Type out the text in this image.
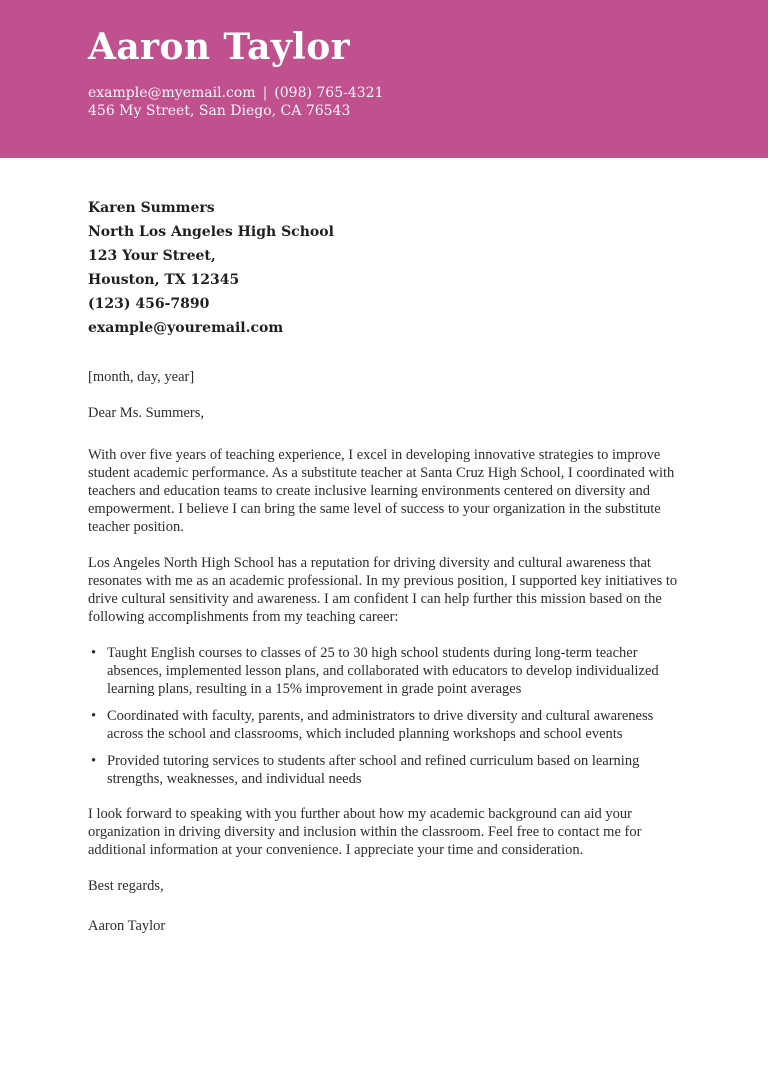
Aaron Taylor

example@myemail.com | (098) 765-4321

456 My Street, San Diego, CA 76543

Karen Summers

North Los Angeles High School

123 Your Street,

Houston, TX 12345

(123) 456-7890

example@youremail.com

[month, day, year]

Dear Ms. Summers,

With over five years of teaching experience, I excel in developing innovative strategies to improve student academic performance. As a substitute teacher at Santa Cruz High School, I coordinated with teachers and education teams to create inclusive learning environments centered on diversity and empowerment. I believe I can bring the same level of success to your organization in the substitute teacher position.

Los Angeles North High School has a reputation for driving diversity and cultural awareness that resonates with me as an academic professional. In my previous position, I supported key initiatives to drive cultural sensitivity and awareness. I am confident I can help further this mission based on the following accomplishments from my teaching career:

• Taught English courses to classes of 25 to 30 high school students during long-term teacher absences, implemented lesson plans, and collaborated with educators to develop individualized learning plans, resulting in a 15% improvement in grade point averages
• Coordinated with faculty, parents, and administrators to drive diversity and cultural awareness across the school and classrooms, which included planning workshops and school events
• Provided tutoring services to students after school and refined curriculum based on learning strengths, weaknesses, and individual needs

I look forward to speaking with you further about how my academic background can aid your organization in driving diversity and inclusion within the classroom. Feel free to contact me for additional information at your convenience. I appreciate your time and consideration.

Best regards,

Aaron Taylor
